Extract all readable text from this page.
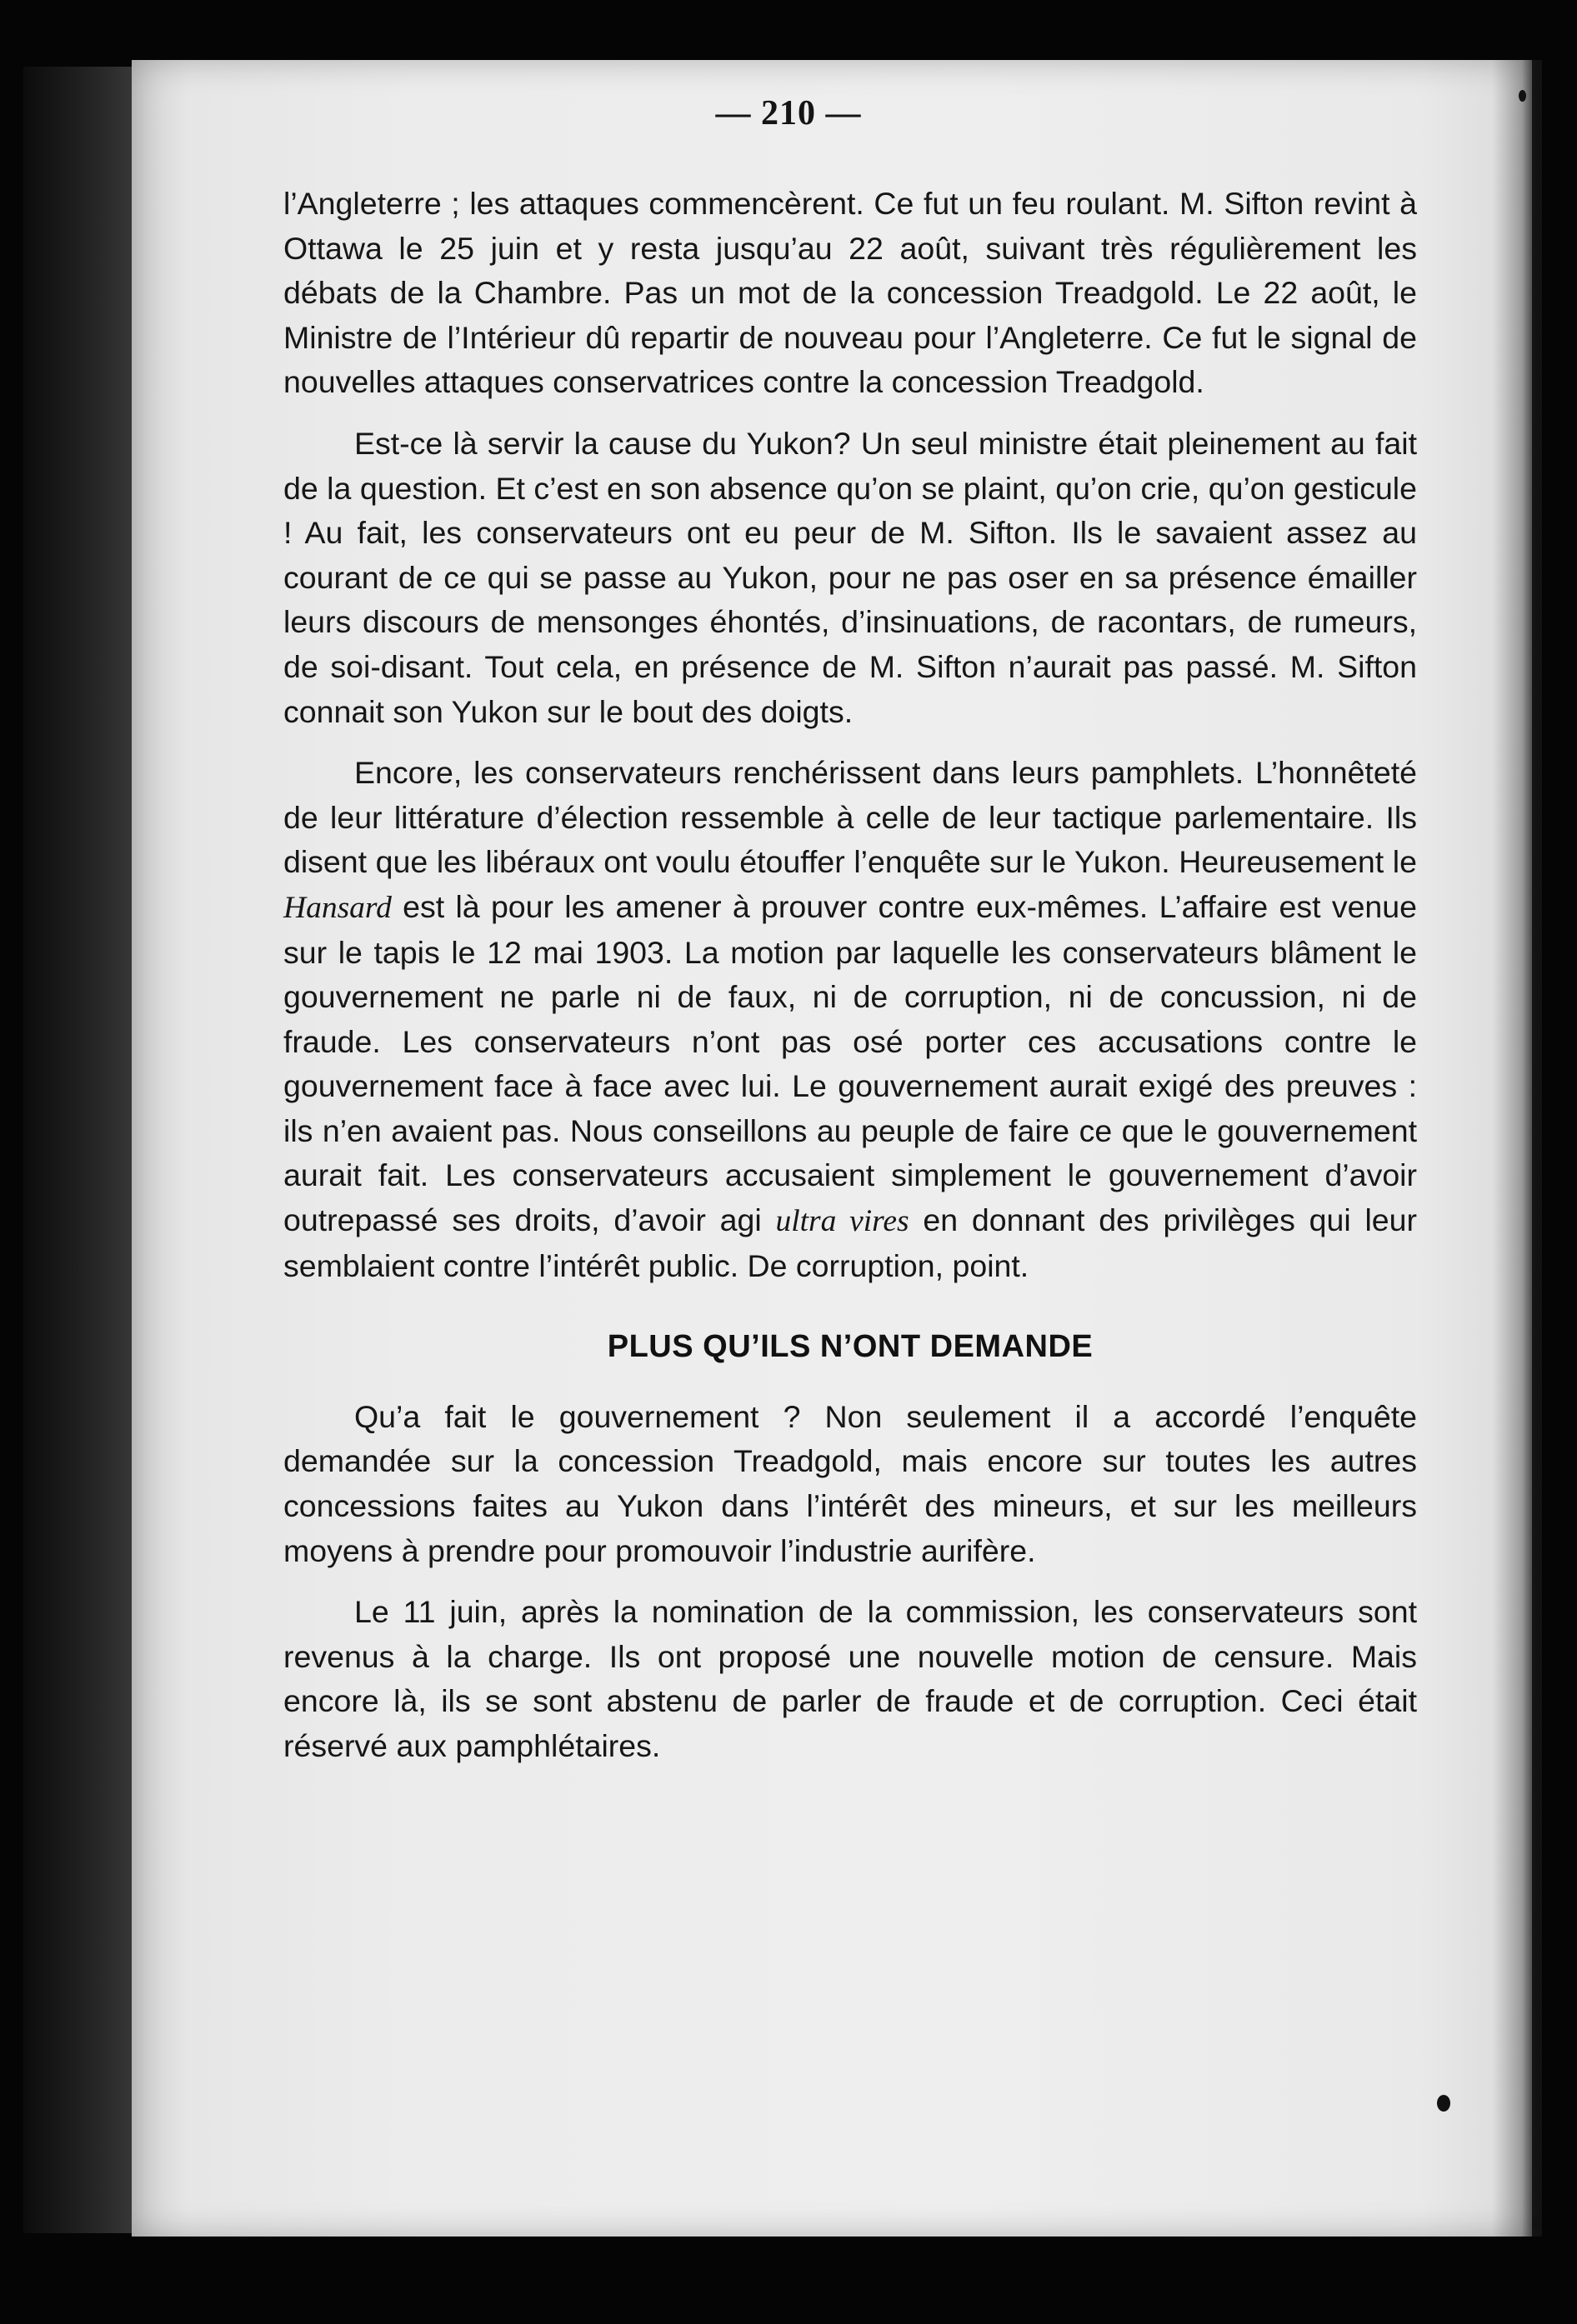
— 210 —

l’Angleterre ; les attaques commencèrent. Ce fut un feu roulant. M. Sifton revint à Ottawa le 25 juin et y resta jusqu’au 22 août, suivant très régulièrement les débats de la Chambre. Pas un mot de la concession Treadgold. Le 22 août, le Ministre de l’Intérieur dû repartir de nouveau pour l’Angleterre. Ce fut le signal de nouvelles attaques conservatrices contre la concession Treadgold.

Est-ce là servir la cause du Yukon? Un seul ministre était pleinement au fait de la question. Et c’est en son absence qu’on se plaint, qu’on crie, qu’on gesticule ! Au fait, les conservateurs ont eu peur de M. Sifton. Ils le savaient assez au courant de ce qui se passe au Yukon, pour ne pas oser en sa présence émailler leurs discours de mensonges éhontés, d’insinuations, de racontars, de rumeurs, de soi-disant. Tout cela, en présence de M. Sifton n’aurait pas passé. M. Sifton connait son Yukon sur le bout des doigts.

Encore, les conservateurs renchérissent dans leurs pamphlets. L’honnêteté de leur littérature d’élection ressemble à celle de leur tactique parlementaire. Ils disent que les libéraux ont voulu étouffer l’enquête sur le Yukon. Heureusement le Hansard est là pour les amener à prouver contre eux-mêmes. L’affaire est venue sur le tapis le 12 mai 1903. La motion par laquelle les conservateurs blâment le gouvernement ne parle ni de faux, ni de corruption, ni de concussion, ni de fraude. Les conservateurs n’ont pas osé porter ces accusations contre le gouvernement face à face avec lui. Le gouvernement aurait exigé des preuves : ils n’en avaient pas. Nous conseillons au peuple de faire ce que le gouvernement aurait fait. Les conservateurs accusaient simplement le gouvernement d’avoir outrepassé ses droits, d’avoir agi ultra vires en donnant des privilèges qui leur semblaient contre l’intérêt public. De corruption, point.

PLUS QU’ILS N’ONT DEMANDE

Qu’a fait le gouvernement ? Non seulement il a accordé l’enquête demandée sur la concession Treadgold, mais encore sur toutes les autres concessions faites au Yukon dans l’intérêt des mineurs, et sur les meilleurs moyens à prendre pour promouvoir l’industrie aurifère.

Le 11 juin, après la nomination de la commission, les conservateurs sont revenus à la charge. Ils ont proposé une nouvelle motion de censure. Mais encore là, ils se sont abstenu de parler de fraude et de corruption. Ceci était réservé aux pamphlétaires.
